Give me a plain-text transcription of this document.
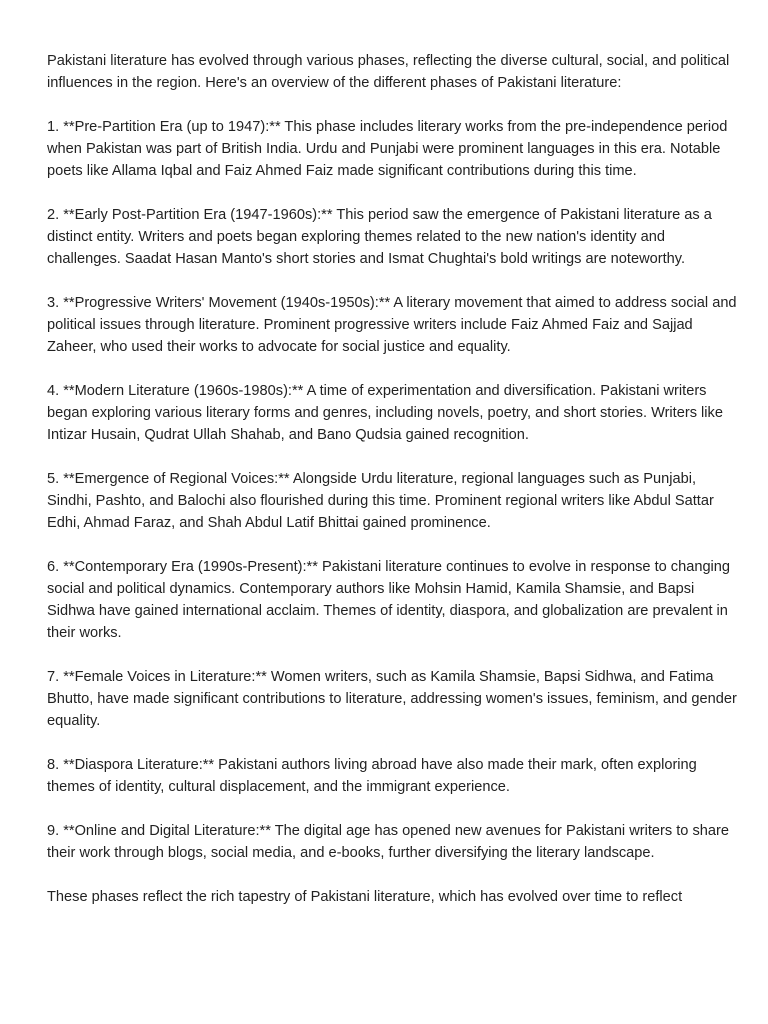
Pakistani literature has evolved through various phases, reflecting the diverse cultural, social, and political influences in the region. Here's an overview of the different phases of Pakistani literature:

1. **Pre-Partition Era (up to 1947):** This phase includes literary works from the pre-independence period when Pakistan was part of British India. Urdu and Punjabi were prominent languages in this era. Notable poets like Allama Iqbal and Faiz Ahmed Faiz made significant contributions during this time.

2. **Early Post-Partition Era (1947-1960s):** This period saw the emergence of Pakistani literature as a distinct entity. Writers and poets began exploring themes related to the new nation's identity and challenges. Saadat Hasan Manto's short stories and Ismat Chughtai's bold writings are noteworthy.

3. **Progressive Writers' Movement (1940s-1950s):** A literary movement that aimed to address social and political issues through literature. Prominent progressive writers include Faiz Ahmed Faiz and Sajjad Zaheer, who used their works to advocate for social justice and equality.

4. **Modern Literature (1960s-1980s):** A time of experimentation and diversification. Pakistani writers began exploring various literary forms and genres, including novels, poetry, and short stories. Writers like Intizar Husain, Qudrat Ullah Shahab, and Bano Qudsia gained recognition.

5. **Emergence of Regional Voices:** Alongside Urdu literature, regional languages such as Punjabi, Sindhi, Pashto, and Balochi also flourished during this time. Prominent regional writers like Abdul Sattar Edhi, Ahmad Faraz, and Shah Abdul Latif Bhittai gained prominence.

6. **Contemporary Era (1990s-Present):** Pakistani literature continues to evolve in response to changing social and political dynamics. Contemporary authors like Mohsin Hamid, Kamila Shamsie, and Bapsi Sidhwa have gained international acclaim. Themes of identity, diaspora, and globalization are prevalent in their works.

7. **Female Voices in Literature:** Women writers, such as Kamila Shamsie, Bapsi Sidhwa, and Fatima Bhutto, have made significant contributions to literature, addressing women's issues, feminism, and gender equality.

8. **Diaspora Literature:** Pakistani authors living abroad have also made their mark, often exploring themes of identity, cultural displacement, and the immigrant experience.

9. **Online and Digital Literature:** The digital age has opened new avenues for Pakistani writers to share their work through blogs, social media, and e-books, further diversifying the literary landscape.

These phases reflect the rich tapestry of Pakistani literature, which has evolved over time to reflect
